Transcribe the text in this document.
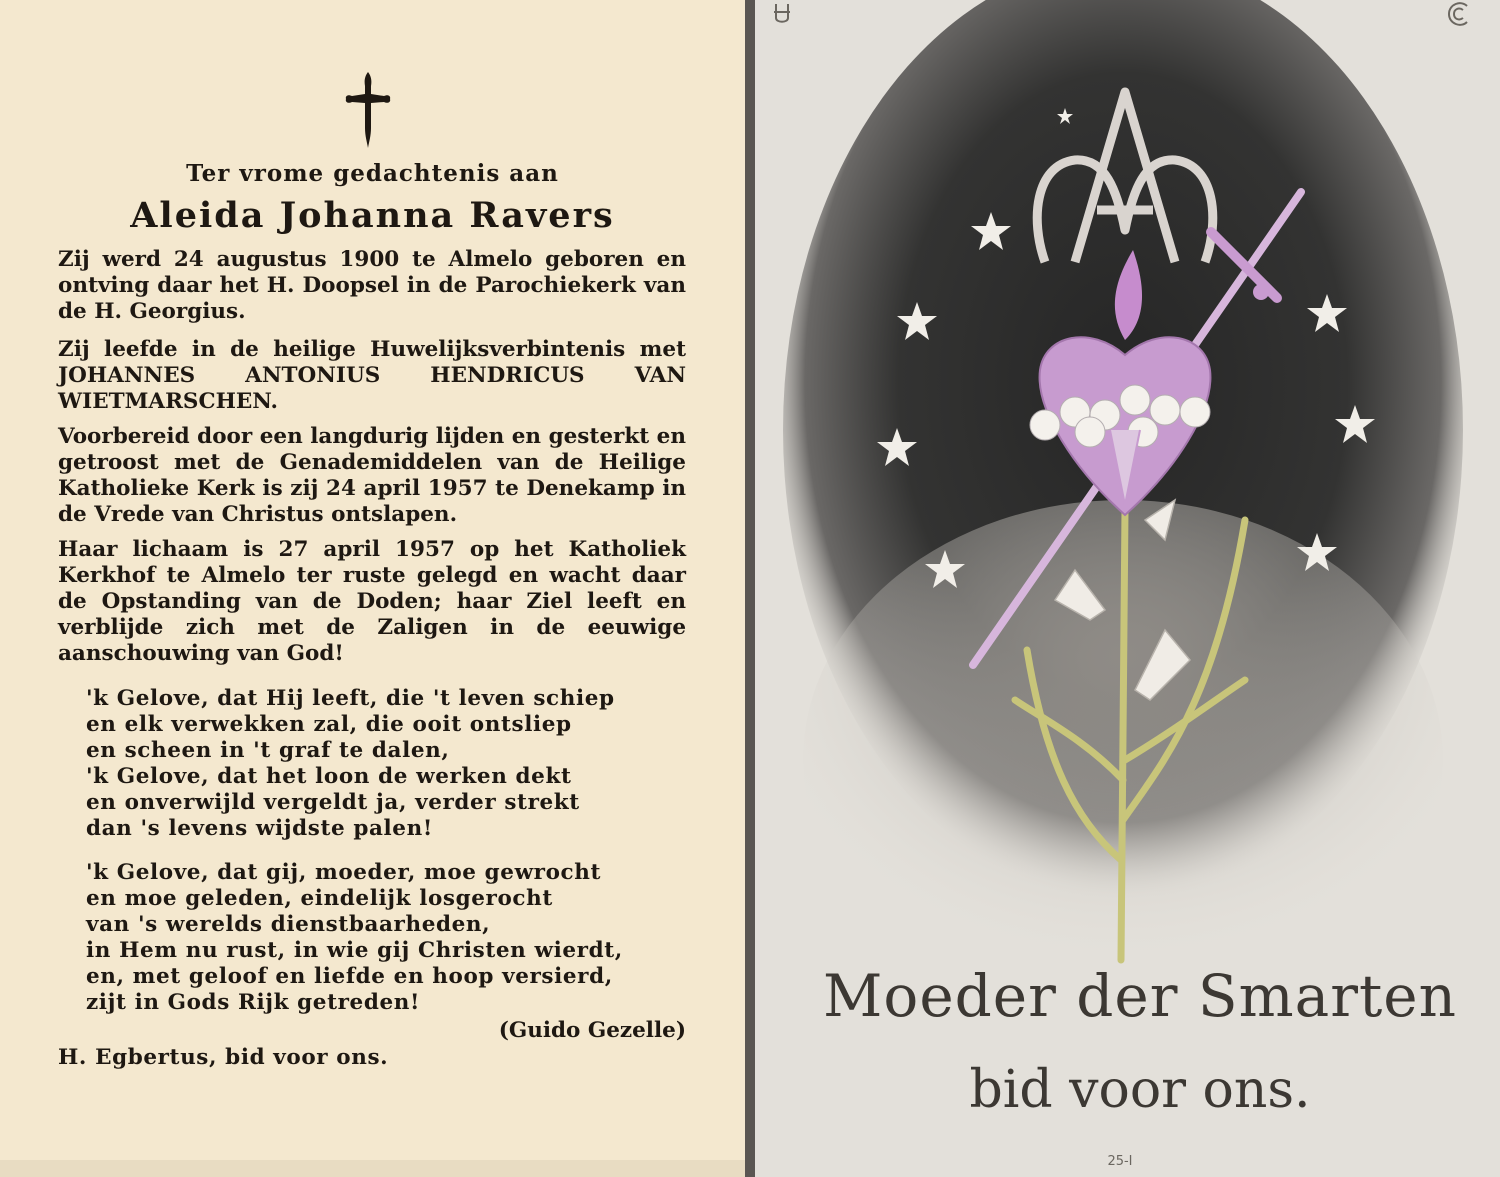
Ter vrome gedachtenis aan
Aleida Johanna Ravers

Zij werd 24 augustus 1900 te Almelo geboren en ontving daar het H. Doopsel in de Parochiekerk van de H. Georgius.

Zij leefde in de heilige Huwelijksverbintenis met JOHANNES ANTONIUS HENDRICUS VAN WIETMARSCHEN.

Voorbereid door een langdurig lijden en gesterkt en getroost met de Genademiddelen van de Heilige Katholieke Kerk is zij 24 april 1957 te Denekamp in de Vrede van Christus ontslapen.

Haar lichaam is 27 april 1957 op het Katholiek Kerkhof te Almelo ter ruste gelegd en wacht daar de Opstanding van de Doden; haar Ziel leeft en verblijde zich met de Zaligen in de eeuwige aanschouwing van God!

'k Gelove, dat Hij leeft, die 't leven schiep
en elk verwekken zal, die ooit ontsliep
en scheen in 't graf te dalen,
'k Gelove, dat het loon de werken dekt
en onverwijld vergeldt ja, verder strekt
dan 's levens wijdste palen!
'k Gelove, dat gij, moeder, moe gewrocht
en moe geleden, eindelijk losgerocht
van 's werelds dienstbaarheden,
in Hem nu rust, in wie gij Christen wierdt,
en, met geloof en liefde en hoop versierd,
zijt in Gods Rijk getreden!
(Guido Gezelle)
H. Egbertus, bid voor ons.
Moeder der Smarten
bid voor ons.
25-I
